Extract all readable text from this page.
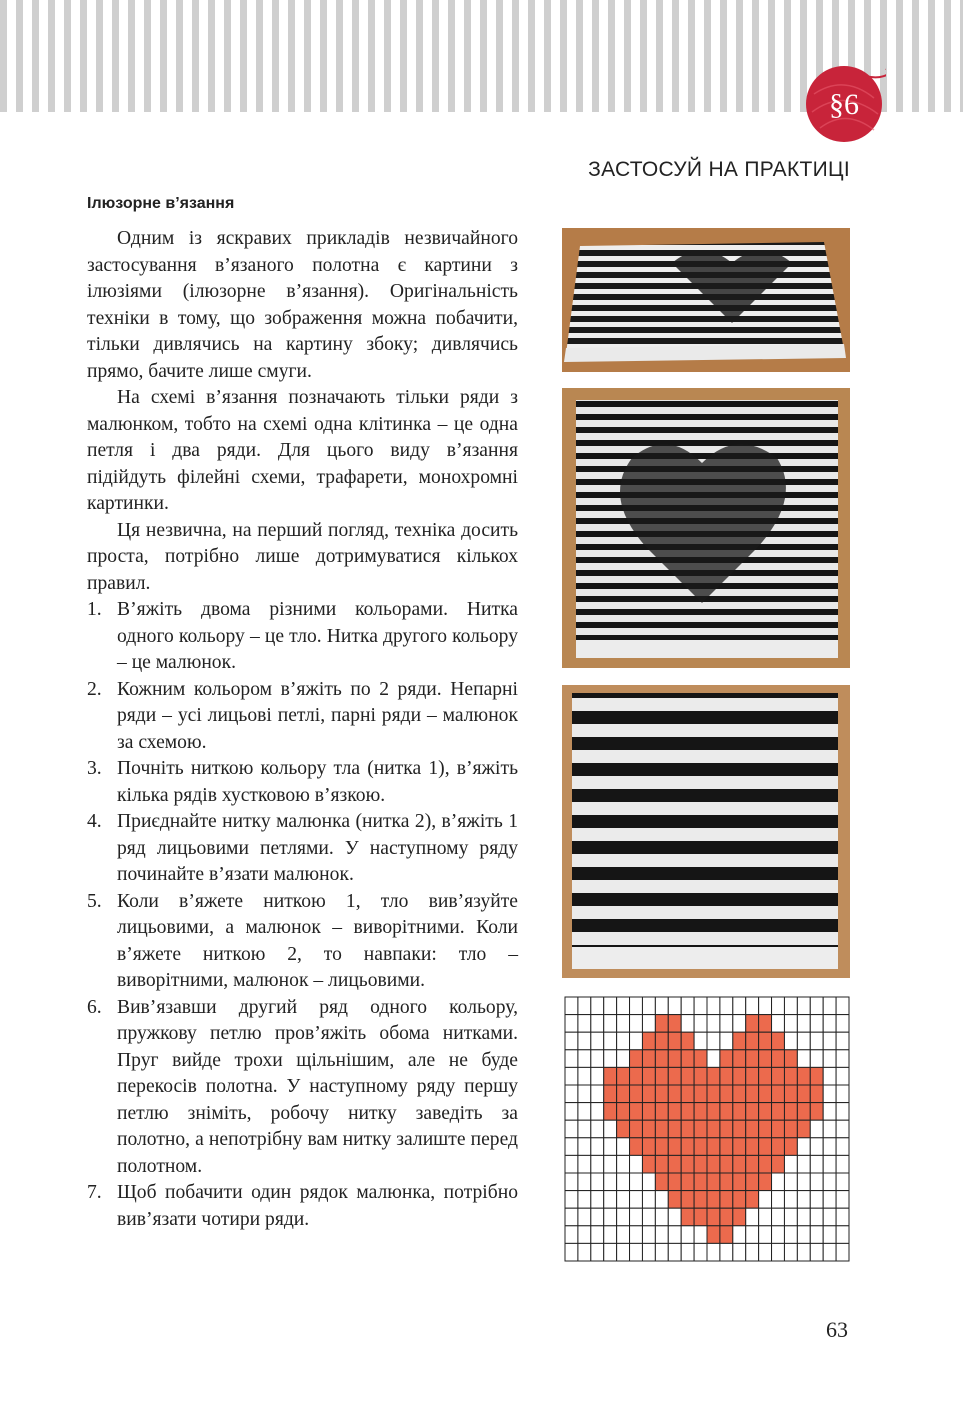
§6
ЗАСТОСУЙ НА ПРАКТИЦІ
Ілюзорне в’язання

Одним із яскравих прикладів незвичайного застосування в’язаного полотна є картини з ілюзіями (ілюзорне в’язання). Оригінальність техніки в тому, що зображення можна побачити, тільки дивлячись на картину збоку; дивлячись прямо, бачите лише смуги.

На схемі в’язання позначають тільки ряди з малюнком, тобто на схемі одна клітинка – це одна петля і два ряди. Для цього виду в’язання підійдуть філейні схеми, трафарети, монохромні картинки.

Ця незвична, на перший погляд, техніка досить проста, потрібно лише дотримуватися кількох правил.

1. В’яжіть двома різними кольорами. Нитка одного кольору – це тло. Нитка другого кольору – це малюнок.
2. Кожним кольором в’яжіть по 2 ряди. Непарні ряди – усі лицьові петлі, парні ряди – малюнок за схемою.
3. Почніть ниткою кольору тла (нитка 1), в’яжіть кілька рядів хустковою в’язкою.
4. Приєднайте нитку малюнка (нитка 2), в’яжіть 1 ряд лицьовими петлями. У наступному ряду починайте в’язати малюнок.
5. Коли в’яжете ниткою 1, тло вив’язуйте лицьовими, а малюнок – виворітними. Коли в’яжете ниткою 2, то навпаки: тло – виворітними, малюнок – лицьовими.
6. Вив’язавши другий ряд одного кольору, пружкову петлю пров’яжіть обома нитками. Пруг вийде трохи щільнішим, але не буде перекосів полотна. У наступному ряду першу петлю зніміть, робочу нитку заведіть за полотно, а непотрібну вам нитку залиште перед полотном.
7. Щоб побачити один рядок малюнка, потрібно вив’язати чотири ряди.
63
